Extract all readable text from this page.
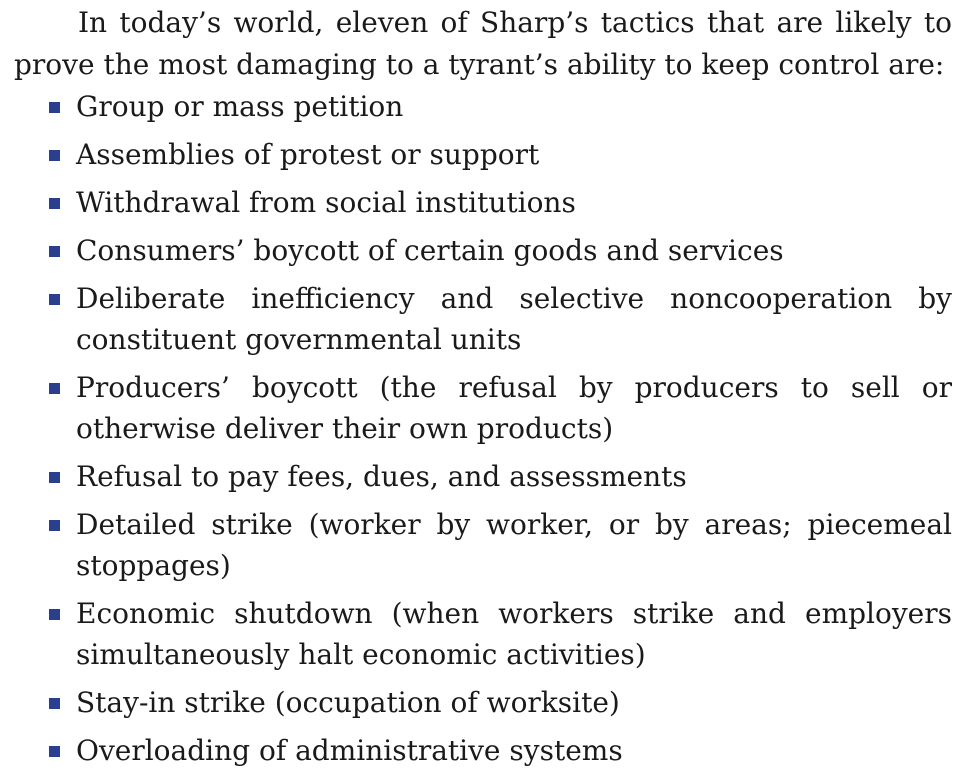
In today’s world, eleven of Sharp’s tactics that are likely to prove the most damaging to a tyrant’s ability to keep control are:

Group or mass petition
Assemblies of protest or support
Withdrawal from social institutions
Consumers’ boycott of certain goods and services
Deliberate inefficiency and selective noncooperation by constituent governmental units
Producers’ boycott (the refusal by producers to sell or otherwise deliver their own products)
Refusal to pay fees, dues, and assessments
Detailed strike (worker by worker, or by areas; piecemeal stoppages)
Economic shutdown (when workers strike and employers simultaneously halt economic activities)
Stay-in strike (occupation of worksite)
Overloading of administrative systems
